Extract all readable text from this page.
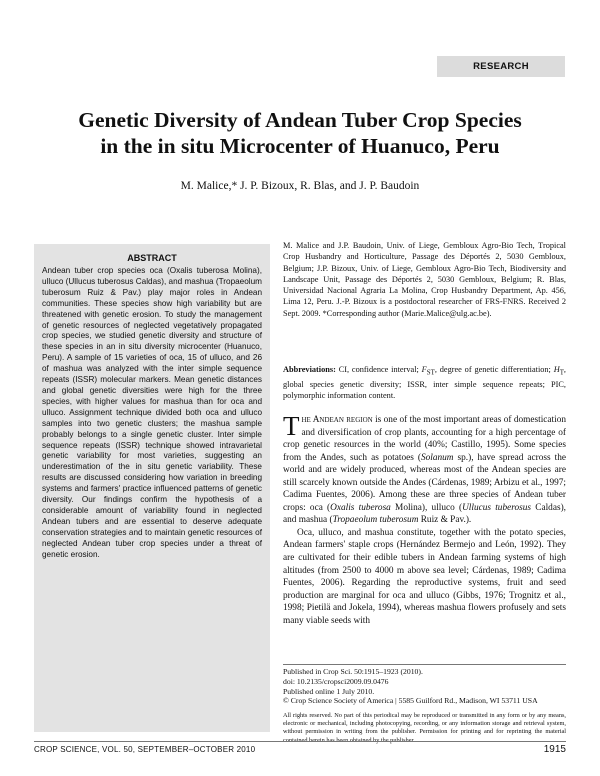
RESEARCH
Genetic Diversity of Andean Tuber Crop Species
in the in situ Microcenter of Huanuco, Peru

M. Malice,* J. P. Bizoux, R. Blas, and J. P. Baudoin

ABSTRACT

Andean tuber crop species oca (Oxalis tuberosa Molina), ulluco (Ullucus tuberosus Caldas), and mashua (Tropaeolum tuberosum Ruiz & Pav.) play major roles in Andean communities. These species show high variability but are threatened with genetic erosion. To study the management of genetic resources of neglected vegetatively propagated crop species, we studied genetic diversity and structure of these species in an in situ diversity microcenter (Huanuco, Peru). A sample of 15 varieties of oca, 15 of ulluco, and 26 of mashua was analyzed with the inter simple sequence repeats (ISSR) molecular markers. Mean genetic distances and global genetic diversities were high for the three species, with higher values for mashua than for oca and ulluco. Assignment technique divided both oca and ulluco samples into two genetic clusters; the mashua sample probably belongs to a single genetic cluster. Inter simple sequence repeats (ISSR) technique showed intravarietal genetic variability for most varieties, suggesting an underestimation of the in situ genetic variability. These results are discussed considering how variation in breeding systems and farmers' practice influenced patterns of genetic diversity. Our findings confirm the hypothesis of a considerable amount of variability found in neglected Andean tubers and are essential to deserve adequate conservation strategies and to maintain genetic resources of neglected Andean tuber crop species under a threat of genetic erosion.

M. Malice and J.P. Baudoin, Univ. of Liege, Gembloux Agro-Bio Tech, Tropical Crop Husbandry and Horticulture, Passage des Déportés 2, 5030 Gembloux, Belgium; J.P. Bizoux, Univ. of Liege, Gembloux Agro-Bio Tech, Biodiversity and Landscape Unit, Passage des Déportés 2, 5030 Gembloux, Belgium; R. Blas, Universidad Nacional Agraria La Molina, Crop Husbandry Department, Ap. 456, Lima 12, Peru. J.-P. Bizoux is a postdoctoral researcher of FRS-FNRS. Received 2 Sept. 2009. *Corresponding author (Marie.Malice@ulg.ac.be).

Abbreviations: CI, confidence interval; $F_{ST}$, degree of genetic differentiation; $H_T$, global species genetic diversity; ISSR, inter simple sequence repeats; PIC, polymorphic information content.

The Andean region is one of the most important areas of domestication and diversification of crop plants, accounting for a high percentage of crop genetic resources in the world (40%; Castillo, 1995). Some species from the Andes, such as potatoes (Solanum sp.), have spread across the world and are widely produced, whereas most of the Andean species are still scarcely known outside the Andes (Cárdenas, 1989; Arbizu et al., 1997; Cadima Fuentes, 2006). Among these are three species of Andean tuber crops: oca (Oxalis tuberosa Molina), ulluco (Ullucus tuberosus Caldas), and mashua (Tropaeolum tuberosum Ruiz & Pav.).

Oca, ulluco, and mashua constitute, together with the potato species, Andean farmers' staple crops (Hernández Bermejo and León, 1992). They are cultivated for their edible tubers in Andean farming systems of high altitudes (from 2500 to 4000 m above sea level; Cárdenas, 1989; Cadima Fuentes, 2006). Regarding the reproductive systems, fruit and seed production are marginal for oca and ulluco (Gibbs, 1976; Trognitz et al., 1998; Pietilä and Jokela, 1994), whereas mashua flowers profusely and sets many viable seeds with

Published in Crop Sci. 50:1915–1923 (2010).
doi: 10.2135/cropsci2009.09.0476
Published online 1 July 2010.
© Crop Science Society of America | 5585 Guilford Rd., Madison, WI 53711 USA

All rights reserved. No part of this periodical may be reproduced or transmitted in any form or by any means, electronic or mechanical, including photocopying, recording, or any information storage and retrieval system, without permission in writing from the publisher. Permission for printing and for reprinting the material contained herein has been obtained by the publisher.

CROP SCIENCE, VOL. 50, SEPTEMBER–OCTOBER 2010	1915
